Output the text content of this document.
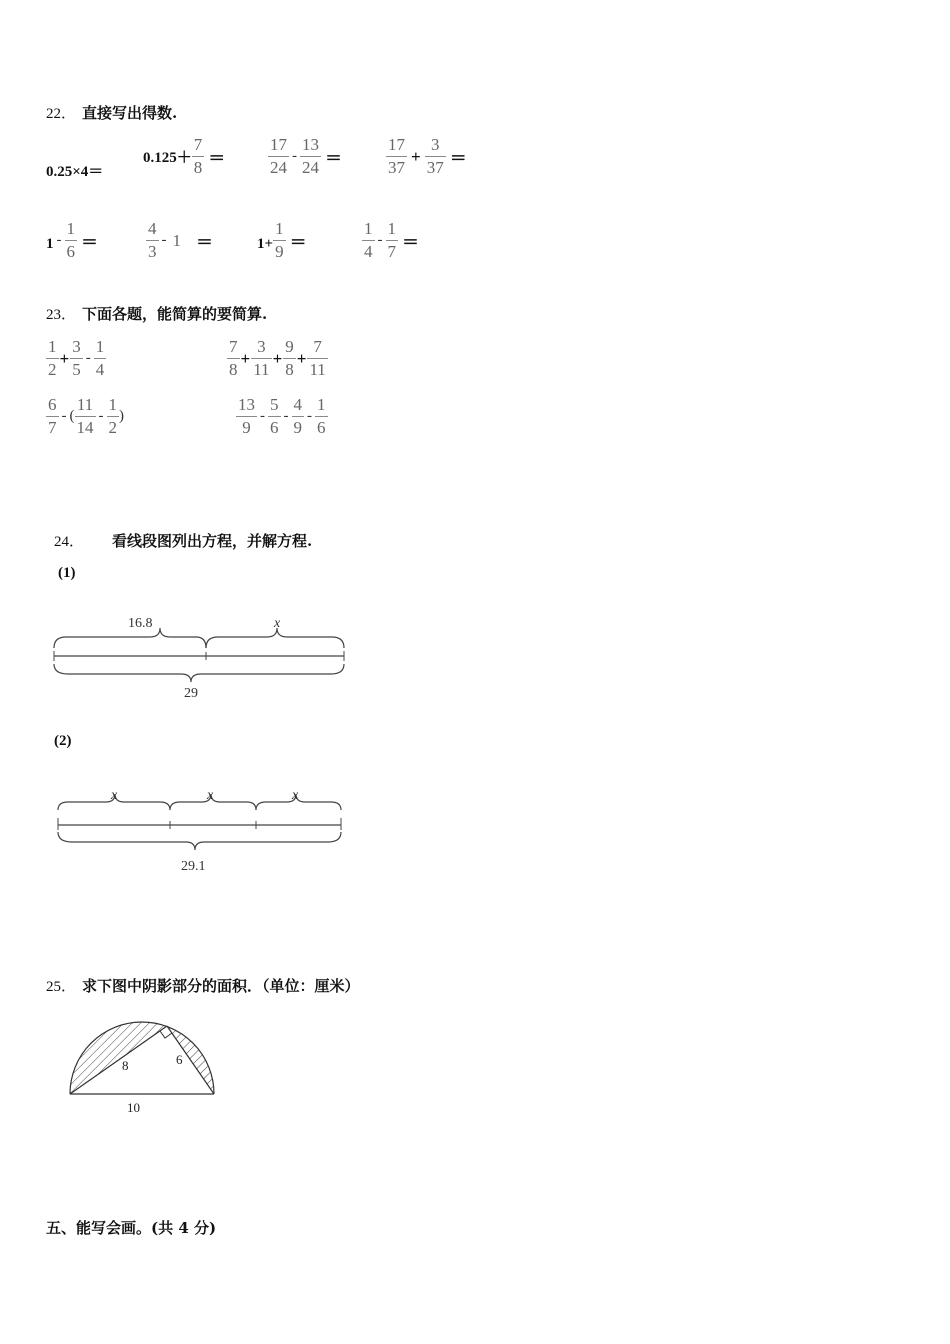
22． 直接写出得数.
0.25×4＝
$0.125+ \frac{7}{8}$ ＝	$\frac{17}{24} - \frac{13}{24}$ ＝	$\frac{17}{37} + \frac{3}{37}$ ＝
$1 - \frac{1}{6}$ ＝	$\frac{4}{3} - 1$ ＝	$1+ \frac{1}{9}$ ＝	$\frac{1}{4} - \frac{1}{7}$ ＝
23． 下面各题，能简算的要简算.
$\frac{1}{2} + \frac{3}{5} - \frac{1}{4}$	$\frac{7}{8} + \frac{3}{11} + \frac{9}{8} + \frac{7}{11}$
$\frac{6}{7}$ - ( $\frac{11}{14} - \frac{1}{2}$ )	$\frac{13}{9} - \frac{5}{6} - \frac{4}{9} - \frac{1}{6}$
24． 看线段图列出方程，并解方程.
(1)
16.8	x
29
(2)
x	x	x
29.1
25． 求下图中阴影部分的面积．（单位：厘米）
8	6
10
五、能写会画。(共 4 分)
